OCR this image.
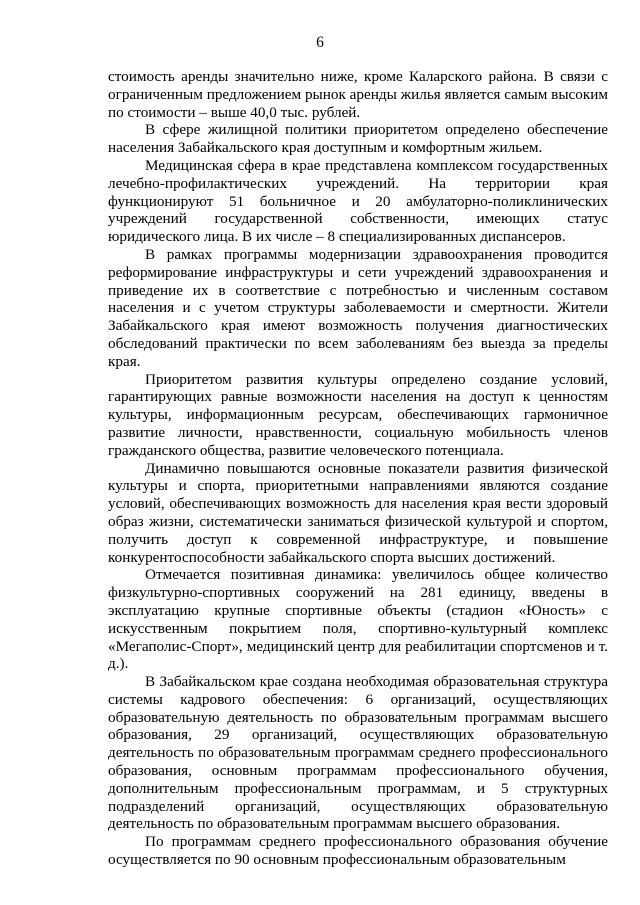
6

стоимость аренды значительно ниже, кроме Каларского района. В связи с ограниченным предложением рынок аренды жилья является самым высоким по стоимости – выше 40,0 тыс. рублей.

В сфере жилищной политики приоритетом определено обеспечение населения Забайкальского края доступным и комфортным жильем.

Медицинская сфера в крае представлена комплексом государственных лечебно-профилактических учреждений. На территории края функционируют 51 больничное и 20 амбулаторно-поликлинических учреждений государственной собственности, имеющих статус юридического лица. В их числе – 8 специализированных диспансеров.

В рамках программы модернизации здравоохранения проводится реформирование инфраструктуры и сети учреждений здравоохранения и приведение их в соответствие с потребностью и численным составом населения и с учетом структуры заболеваемости и смертности. Жители Забайкальского края имеют возможность получения диагностических обследований практически по всем заболеваниям без выезда за пределы края.

Приоритетом развития культуры определено создание условий, гарантирующих равные возможности населения на доступ к ценностям культуры, информационным ресурсам, обеспечивающих гармоничное развитие личности, нравственности, социальную мобильность членов гражданского общества, развитие человеческого потенциала.

Динамично повышаются основные показатели развития физической культуры и спорта, приоритетными направлениями являются создание условий, обеспечивающих возможность для населения края вести здоровый образ жизни, систематически заниматься физической культурой и спортом, получить доступ к современной инфраструктуре, и повышение конкурентоспособности забайкальского спорта высших достижений.

Отмечается позитивная динамика: увеличилось общее количество физкультурно-спортивных сооружений на 281 единицу, введены в эксплуатацию крупные спортивные объекты (стадион «Юность» с искусственным покрытием поля, спортивно-культурный комплекс «Мегаполис-Спорт», медицинский центр для реабилитации спортсменов и т. д.).

В Забайкальском крае создана необходимая образовательная структура системы кадрового обеспечения: 6 организаций, осуществляющих образовательную деятельность по образовательным программам высшего образования, 29 организаций, осуществляющих образовательную деятельность по образовательным программам среднего профессионального образования, основным программам профессионального обучения, дополнительным профессиональным программам, и 5 структурных подразделений организаций, осуществляющих образовательную деятельность по образовательным программам высшего образования.

По программам среднего профессионального образования обучение осуществляется по 90 основным профессиональным образовательным
